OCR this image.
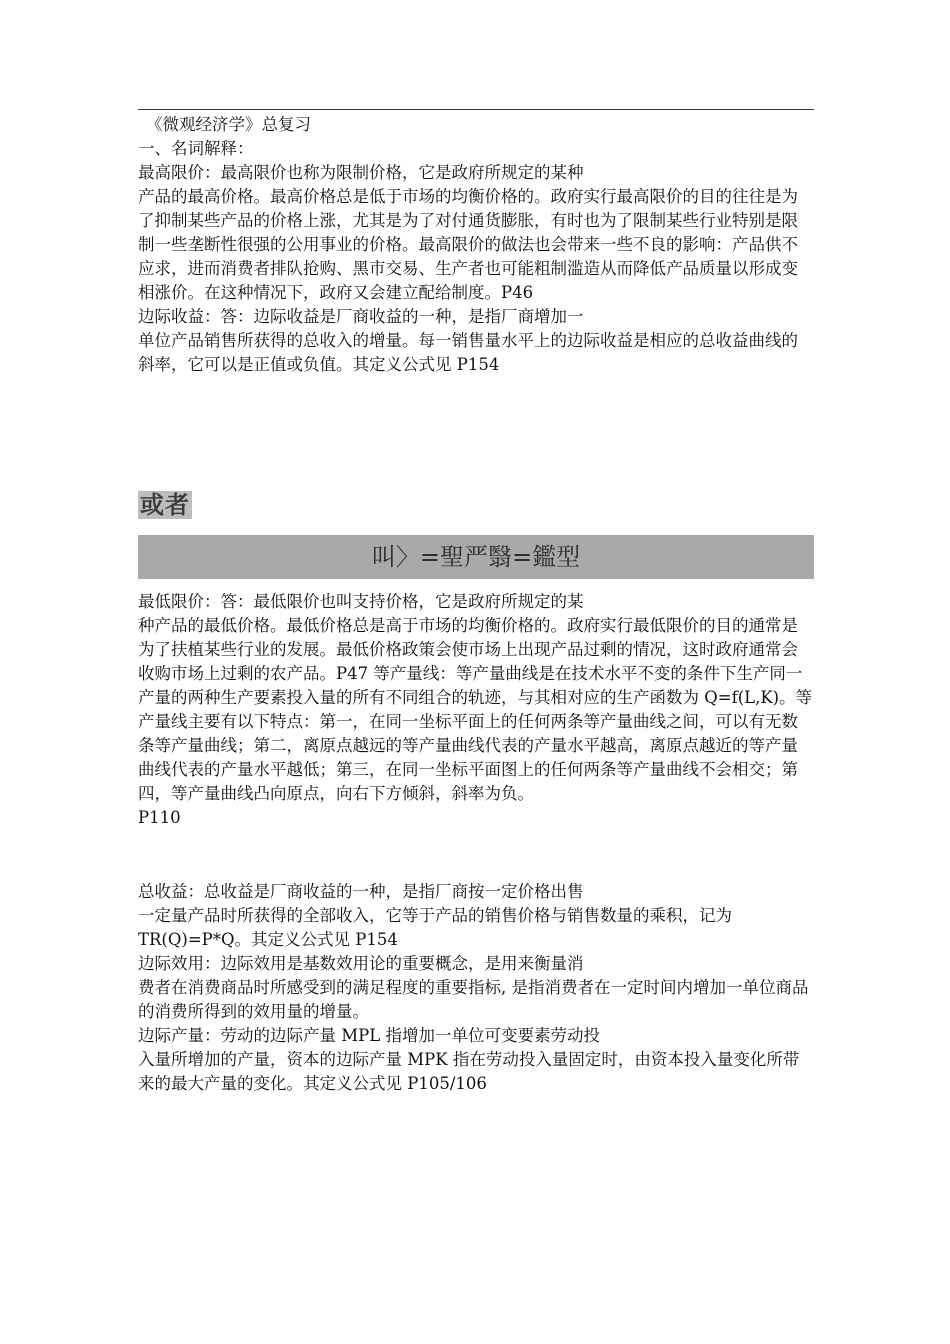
《微观经济学》总复习

一、名词解释：

最高限价：最高限价也称为限制价格，它是政府所规定的某种

产品的最高价格。最高价格总是低于市场的均衡价格的。政府实行最高限价的目的往往是为了抑制某些产品的价格上涨，尤其是为了对付通货膨胀，有时也为了限制某些行业特别是限制一些垄断性很强的公用事业的价格。最高限价的做法也会带来一些不良的影响：产品供不应求，进而消费者排队抢购、黑市交易、生产者也可能粗制滥造从而降低产品质量以形成变相涨价。在这种情况下，政府又会建立配给制度。P46

边际收益：答：边际收益是厂商收益的一种，是指厂商增加一

单位产品销售所获得的总收入的增量。每一销售量水平上的边际收益是相应的总收益曲线的斜率，它可以是正值或负值。其定义公式见 P154

或者
叫〉=聖严翳=鑑型

最低限价：答：最低限价也叫支持价格，它是政府所规定的某

种产品的最低价格。最低价格总是高于市场的均衡价格的。政府实行最低限价的目的通常是为了扶植某些行业的发展。最低价格政策会使市场上出现产品过剩的情况，这时政府通常会收购市场上过剩的农产品。P47 等产量线：等产量曲线是在技术水平不变的条件下生产同一产量的两种生产要素投入量的所有不同组合的轨迹，与其相对应的生产函数为 Q=f(L,K)。等产量线主要有以下特点：第一，在同一坐标平面上的任何两条等产量曲线之间，可以有无数条等产量曲线；第二，离原点越远的等产量曲线代表的产量水平越高，离原点越近的等产量曲线代表的产量水平越低；第三，在同一坐标平面图上的任何两条等产量曲线不会相交；第四，等产量曲线凸向原点，向右下方倾斜，斜率为负。

P110

总收益：总收益是厂商收益的一种，是指厂商按一定价格出售

一定量产品时所获得的全部收入，它等于产品的销售价格与销售数量的乘积，记为 TR(Q)=P*Q。其定义公式见 P154

边际效用：边际效用是基数效用论的重要概念，是用来衡量消

费者在消费商品时所感受到的满足程度的重要指标, 是指消费者在一定时间内增加一单位商品的消费所得到的效用量的增量。

边际产量：劳动的边际产量 MPL 指增加一单位可变要素劳动投

入量所增加的产量，资本的边际产量 MPK 指在劳动投入量固定时，由资本投入量变化所带来的最大产量的变化。其定义公式见 P105/106
